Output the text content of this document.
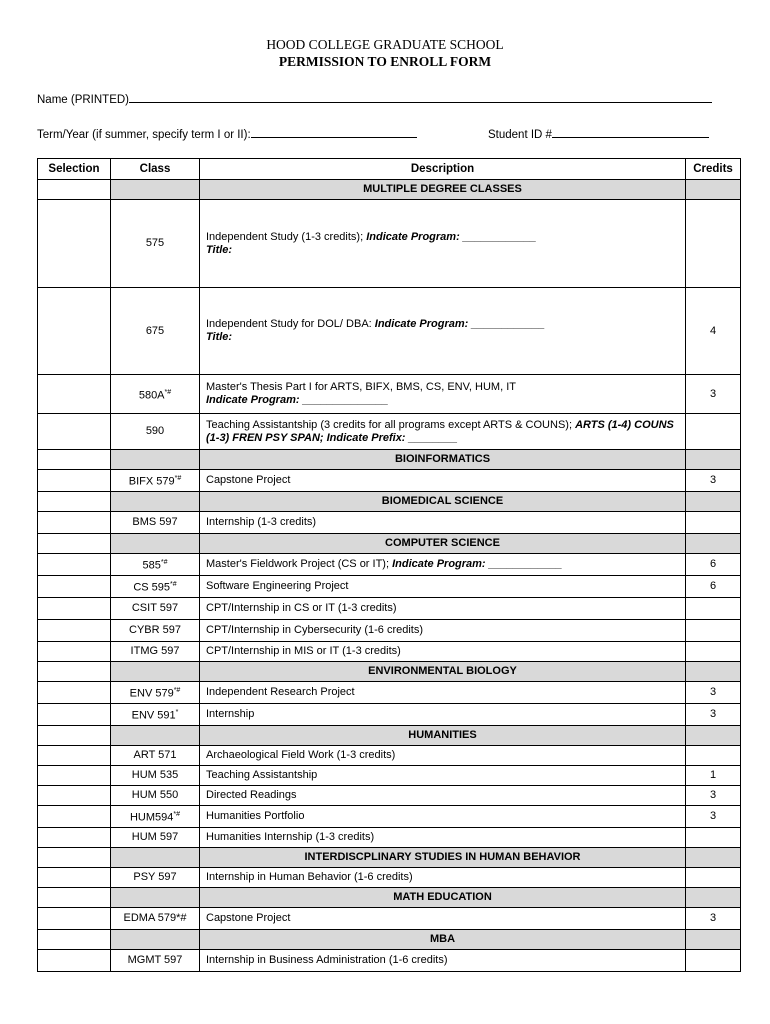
HOOD COLLEGE GRADUATE SCHOOL
PERMISSION TO ENROLL FORM
Name (PRINTED)
Term/Year (if summer, specify term I or II):	Student ID #
Selection	Class	Description	Credits
		MULTIPLE DEGREE CLASSES	
	575	Independent Study (1-3 credits); Indicate Program: ____________
Title:	
	675	Independent Study for DOL/ DBA: Indicate Program: ____________
Title:	4
	580A*#	Master's Thesis Part I for ARTS, BIFX, BMS, CS, ENV, HUM, IT
Indicate Program: ______________	3
	590	Teaching Assistantship (3 credits for all programs except ARTS & COUNS); ARTS (1-4) COUNS (1-3) FREN PSY SPAN; Indicate Prefix: ________	
		BIOINFORMATICS	
	BIFX 579*#	Capstone Project	3
		BIOMEDICAL SCIENCE	
	BMS 597	Internship (1-3 credits)	
		COMPUTER SCIENCE	
	585*#	Master's Fieldwork Project (CS or IT); Indicate Program: ____________	6
	CS 595*#	Software Engineering Project	6
	CSIT 597	CPT/Internship in CS or IT (1-3 credits)	
	CYBR 597	CPT/Internship in Cybersecurity (1-6 credits)	
	ITMG 597	CPT/Internship in MIS or IT (1-3 credits)	
		ENVIRONMENTAL BIOLOGY	
	ENV 579*#	Independent Research Project	3
	ENV 591*	Internship	3
		HUMANITIES	
	ART 571	Archaeological Field Work (1-3 credits)	
	HUM 535	Teaching Assistantship	1
	HUM 550	Directed Readings	3
	HUM594*#	Humanities Portfolio	3
	HUM 597	Humanities Internship (1-3 credits)	
		INTERDISCPLINARY STUDIES IN HUMAN BEHAVIOR	
	PSY 597	Internship in Human Behavior (1-6 credits)	
		MATH EDUCATION	
	EDMA 579*#	Capstone Project	3
		MBA	
	MGMT 597	Internship in Business Administration (1-6 credits)	
